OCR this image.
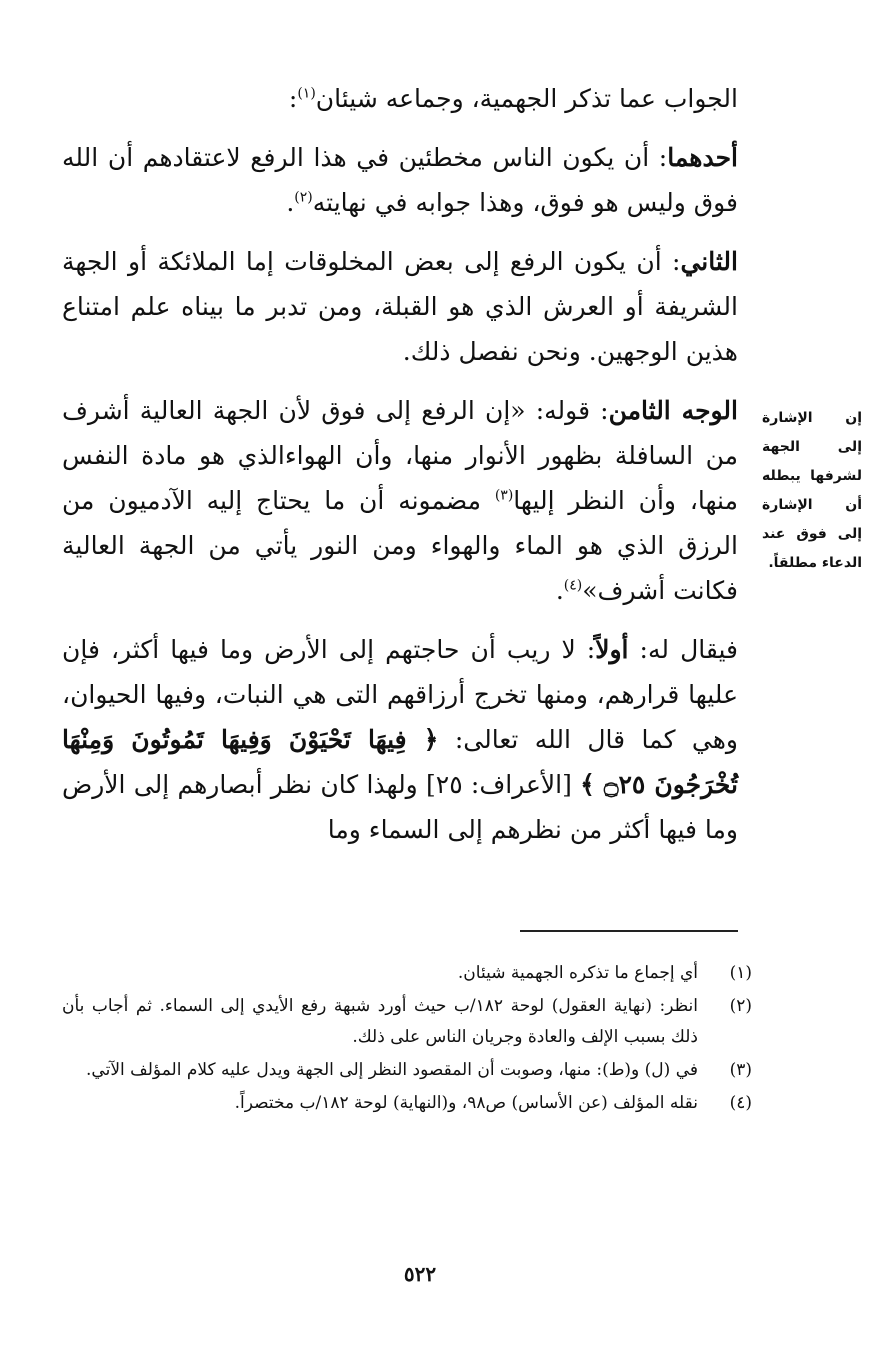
الجواب عما تذكر الجهمية، وجماعه شيئان$^{(١)}$:

أحدهما: أن يكون الناس مخطئين في هذا الرفع لاعتقادهم أن الله فوق وليس هو فوق، وهذا جوابه في نهايته$^{(٢)}$.

الثاني: أن يكون الرفع إلى بعض المخلوقات إما الملائكة أو الجهة الشريفة أو العرش الذي هو القبلة، ومن تدبر ما بيناه علم امتناع هذين الوجهين. ونحن نفصل ذلك.

الوجه الثامن: قوله: «إن الرفع إلى فوق لأن الجهة العالية أشرف من السافلة بظهور الأنوار منها، وأن الهواءالذي هو مادة النفس منها، وأن النظر إليها$^{(٣)}$ مضمونه أن ما يحتاج إليه الآدميون من الرزق الذي هو الماء والهواء ومن النور يأتي من الجهة العالية فكانت أشرف»$^{(٤)}$.

فيقال له: أولاً: لا ريب أن حاجتهم إلى الأرض وما فيها أكثر، فإن عليها قرارهم، ومنها تخرج أرزاقهم التى هي النبات، وفيها الحيوان، وهي كما قال الله تعالى: ﴿ فِيهَا تَحْيَوْنَ وَفِيهَا تَمُوتُونَ وَمِنْهَا تُخْرَجُونَ ۝٢٥ ﴾ [الأعراف: ٢٥] ولهذا كان نظر أبصارهم إلى الأرض وما فيها أكثر من نظرهم إلى السماء وما

إن الإشارة إلى الجهة لشرفها يبطله أن الإشارة إلى فوق عند الدعاء مطلقاً.
(١)
أي إجماع ما تذكره الجهمية شيئان.
(٢)
انظر: (نهاية العقول) لوحة ١٨٢/ب حيث أورد شبهة رفع الأيدي إلى السماء. ثم أجاب بأن ذلك بسبب الإلف والعادة وجريان الناس على ذلك.
(٣)
في (ل) و(ط): منها، وصوبت أن المقصود النظر إلى الجهة ويدل عليه كلام المؤلف الآتي.
(٤)
نقله المؤلف (عن الأساس) ص٩٨، و(النهاية) لوحة ١٨٢/ب مختصراً.
٥٢٢
